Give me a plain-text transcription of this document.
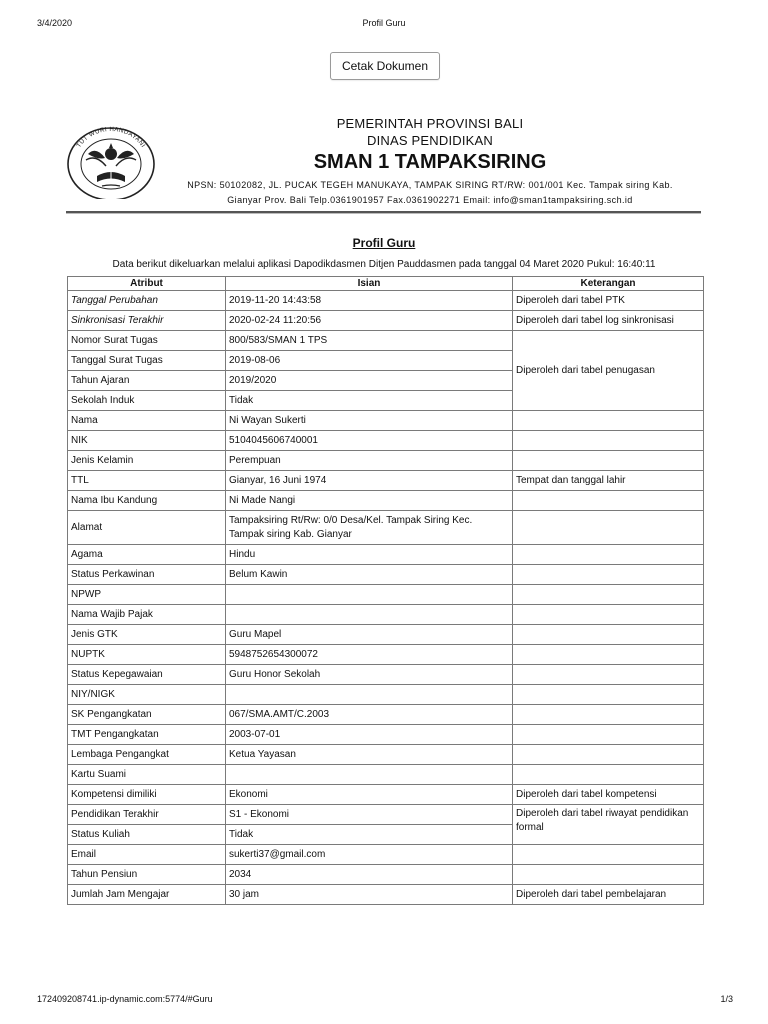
3/4/2020	Profil Guru
Cetak Dokumen
TUT WURI HANDAYANI
PEMERINTAH PROVINSI BALI
DINAS PENDIDIKAN
SMAN 1 TAMPAKSIRING
NPSN: 50102082, JL. PUCAK TEGEH MANUKAYA, TAMPAK SIRING RT/RW: 001/001 Kec. Tampak siring Kab.
Gianyar Prov. Bali Telp.0361901957 Fax.0361902271 Email: info@sman1tampaksiring.sch.id
Profil Guru
Data berikut dikeluarkan melalui aplikasi Dapodikdasmen Ditjen Pauddasmen pada tanggal 04 Maret 2020 Pukul: 16:40:11
Atribut	Isian	Keterangan
Tanggal Perubahan	2019-11-20 14:43:58	Diperoleh dari tabel PTK
Sinkronisasi Terakhir	2020-02-24 11:20:56	Diperoleh dari tabel log sinkronisasi
Nomor Surat Tugas	800/583/SMAN 1 TPS	Diperoleh dari tabel penugasan
Tanggal Surat Tugas	2019-08-06	
Tahun Ajaran	2019/2020	
Sekolah Induk	Tidak	
Nama	Ni Wayan Sukerti	
NIK	5104045606740001	
Jenis Kelamin	Perempuan	
TTL	Gianyar, 16 Juni 1974	Tempat dan tanggal lahir
Nama Ibu Kandung	Ni Made Nangi	
Alamat	Tampaksiring Rt/Rw: 0/0 Desa/Kel. Tampak Siring Kec. Tampak siring Kab. Gianyar	
Agama	Hindu	
Status Perkawinan	Belum Kawin	
NPWP		
Nama Wajib Pajak		
Jenis GTK	Guru Mapel	
NUPTK	5948752654300072	
Status Kepegawaian	Guru Honor Sekolah	
NIY/NIGK		
SK Pengangkatan	067/SMA.AMT/C.2003	
TMT Pengangkatan	2003-07-01	
Lembaga Pengangkat	Ketua Yayasan	
Kartu Suami		
Kompetensi dimiliki	Ekonomi	Diperoleh dari tabel kompetensi
Pendidikan Terakhir	S1 - Ekonomi	Diperoleh dari tabel riwayat pendidikan formal
Status Kuliah	Tidak	
Email	sukerti37@gmail.com	
Tahun Pensiun	2034	
Jumlah Jam Mengajar	30 jam	Diperoleh dari tabel pembelajaran
172409208741.ip-dynamic.com:5774/#Guru	1/3
